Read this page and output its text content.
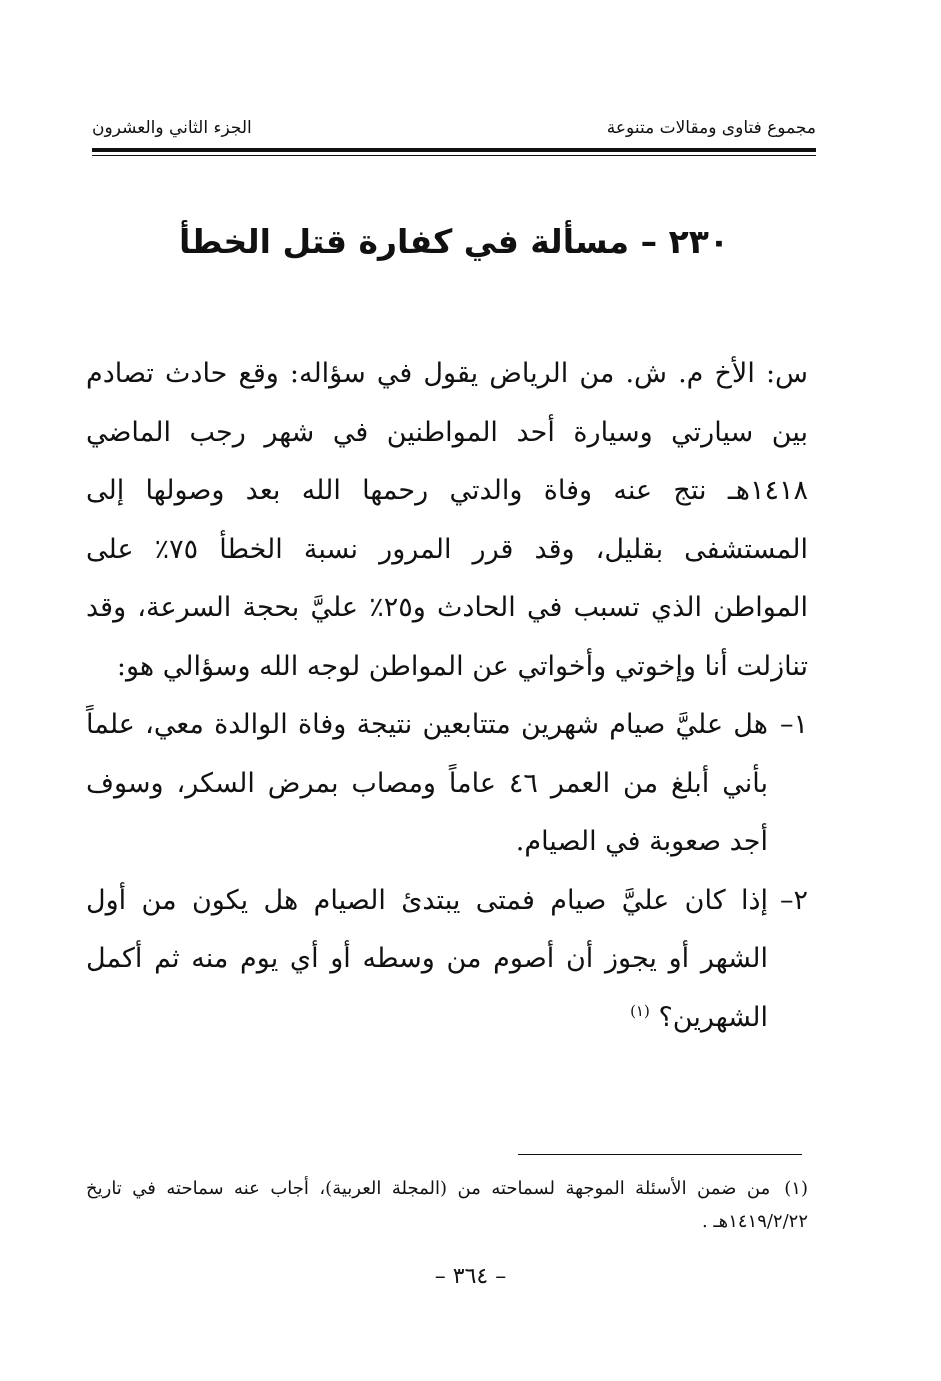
مجموع فتاوى ومقالات متنوعة
الجزء الثاني والعشرون
٢٣٠ – مسألة في كفارة قتل الخطأ

س: الأخ م. ش. من الرياض يقول في سؤاله: وقع حادث تصادم بين سيارتي وسيارة أحد المواطنين في شهر رجب الماضي ١٤١٨هـ نتج عنه وفاة والدتي رحمها الله بعد وصولها إلى المستشفى بقليل، وقد قرر المرور نسبة الخطأ ٧٥٪ على المواطن الذي تسبب في الحادث و٢٥٪ عليَّ بحجة السرعة، وقد تنازلت أنا وإخوتي وأخواتي عن المواطن لوجه الله وسؤالي هو:

١–
هل عليَّ صيام شهرين متتابعين نتيجة وفاة الوالدة معي، علماً بأني أبلغ من العمر ٤٦ عاماً ومصاب بمرض السكر، وسوف أجد صعوبة في الصيام.

٢–
إذا كان عليَّ صيام فمتى يبتدئ الصيام هل يكون من أول الشهر أو يجوز أن أصوم من وسطه أو أي يوم منه ثم أكمل الشهرين؟ $^{(١)}$

(١)
من ضمن الأسئلة الموجهة لسماحته من (المجلة العربية)، أجاب عنه سماحته في تاريخ ١٤١٩/٢/٢٢هـ .
– ٣٦٤ –
